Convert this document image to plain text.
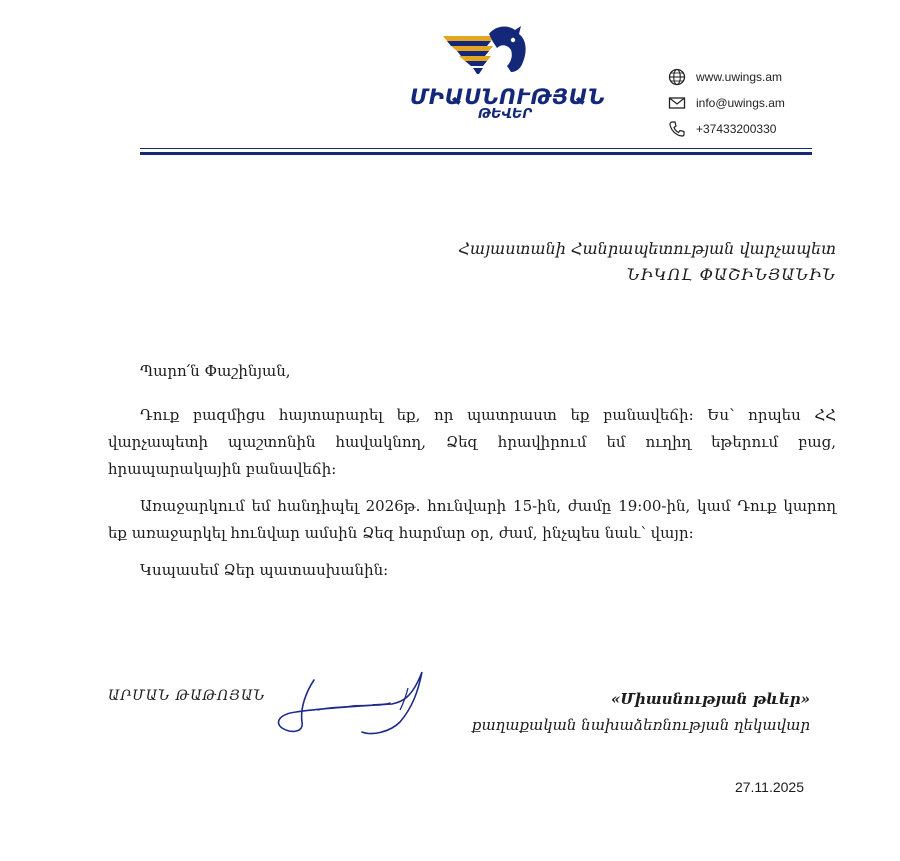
ՄԻԱՍՆՈՒԹՅԱՆ
ԹԵՎԵՐ
www.uwings.am
info@uwings.am
+37433200330
Հայաստանի Հանրապետության վարչապետ
ՆԻԿՈԼ ՓԱՇԻՆՅԱՆԻՆ
Պարո՛ն Փաշինյան,

Դուք բազմիցս հայտարարել եք, որ պատրաստ եք բանավեճի: Ես՝ որպես ՀՀ վարչապետի պաշտոնին հավակնող, Ձեզ հրավիրում եմ ուղիղ եթերում բաց, հրապարակային բանավեճի:

Առաջարկում եմ հանդիպել 2026թ. հունվարի 15-ին, ժամը 19:00-ին, կամ Դուք կարող եք առաջարկել հունվար ամսին Ձեզ հարմար օր, ժամ, ինչպես նաև՝ վայր:

Կսպասեմ Ձեր պատասխանին:

ԱՐՄԱՆ ԹԱԹՈՅԱՆ	«Միասնության թևեր»
քաղաքական նախաձեռնության ղեկավար
27.11.2025
